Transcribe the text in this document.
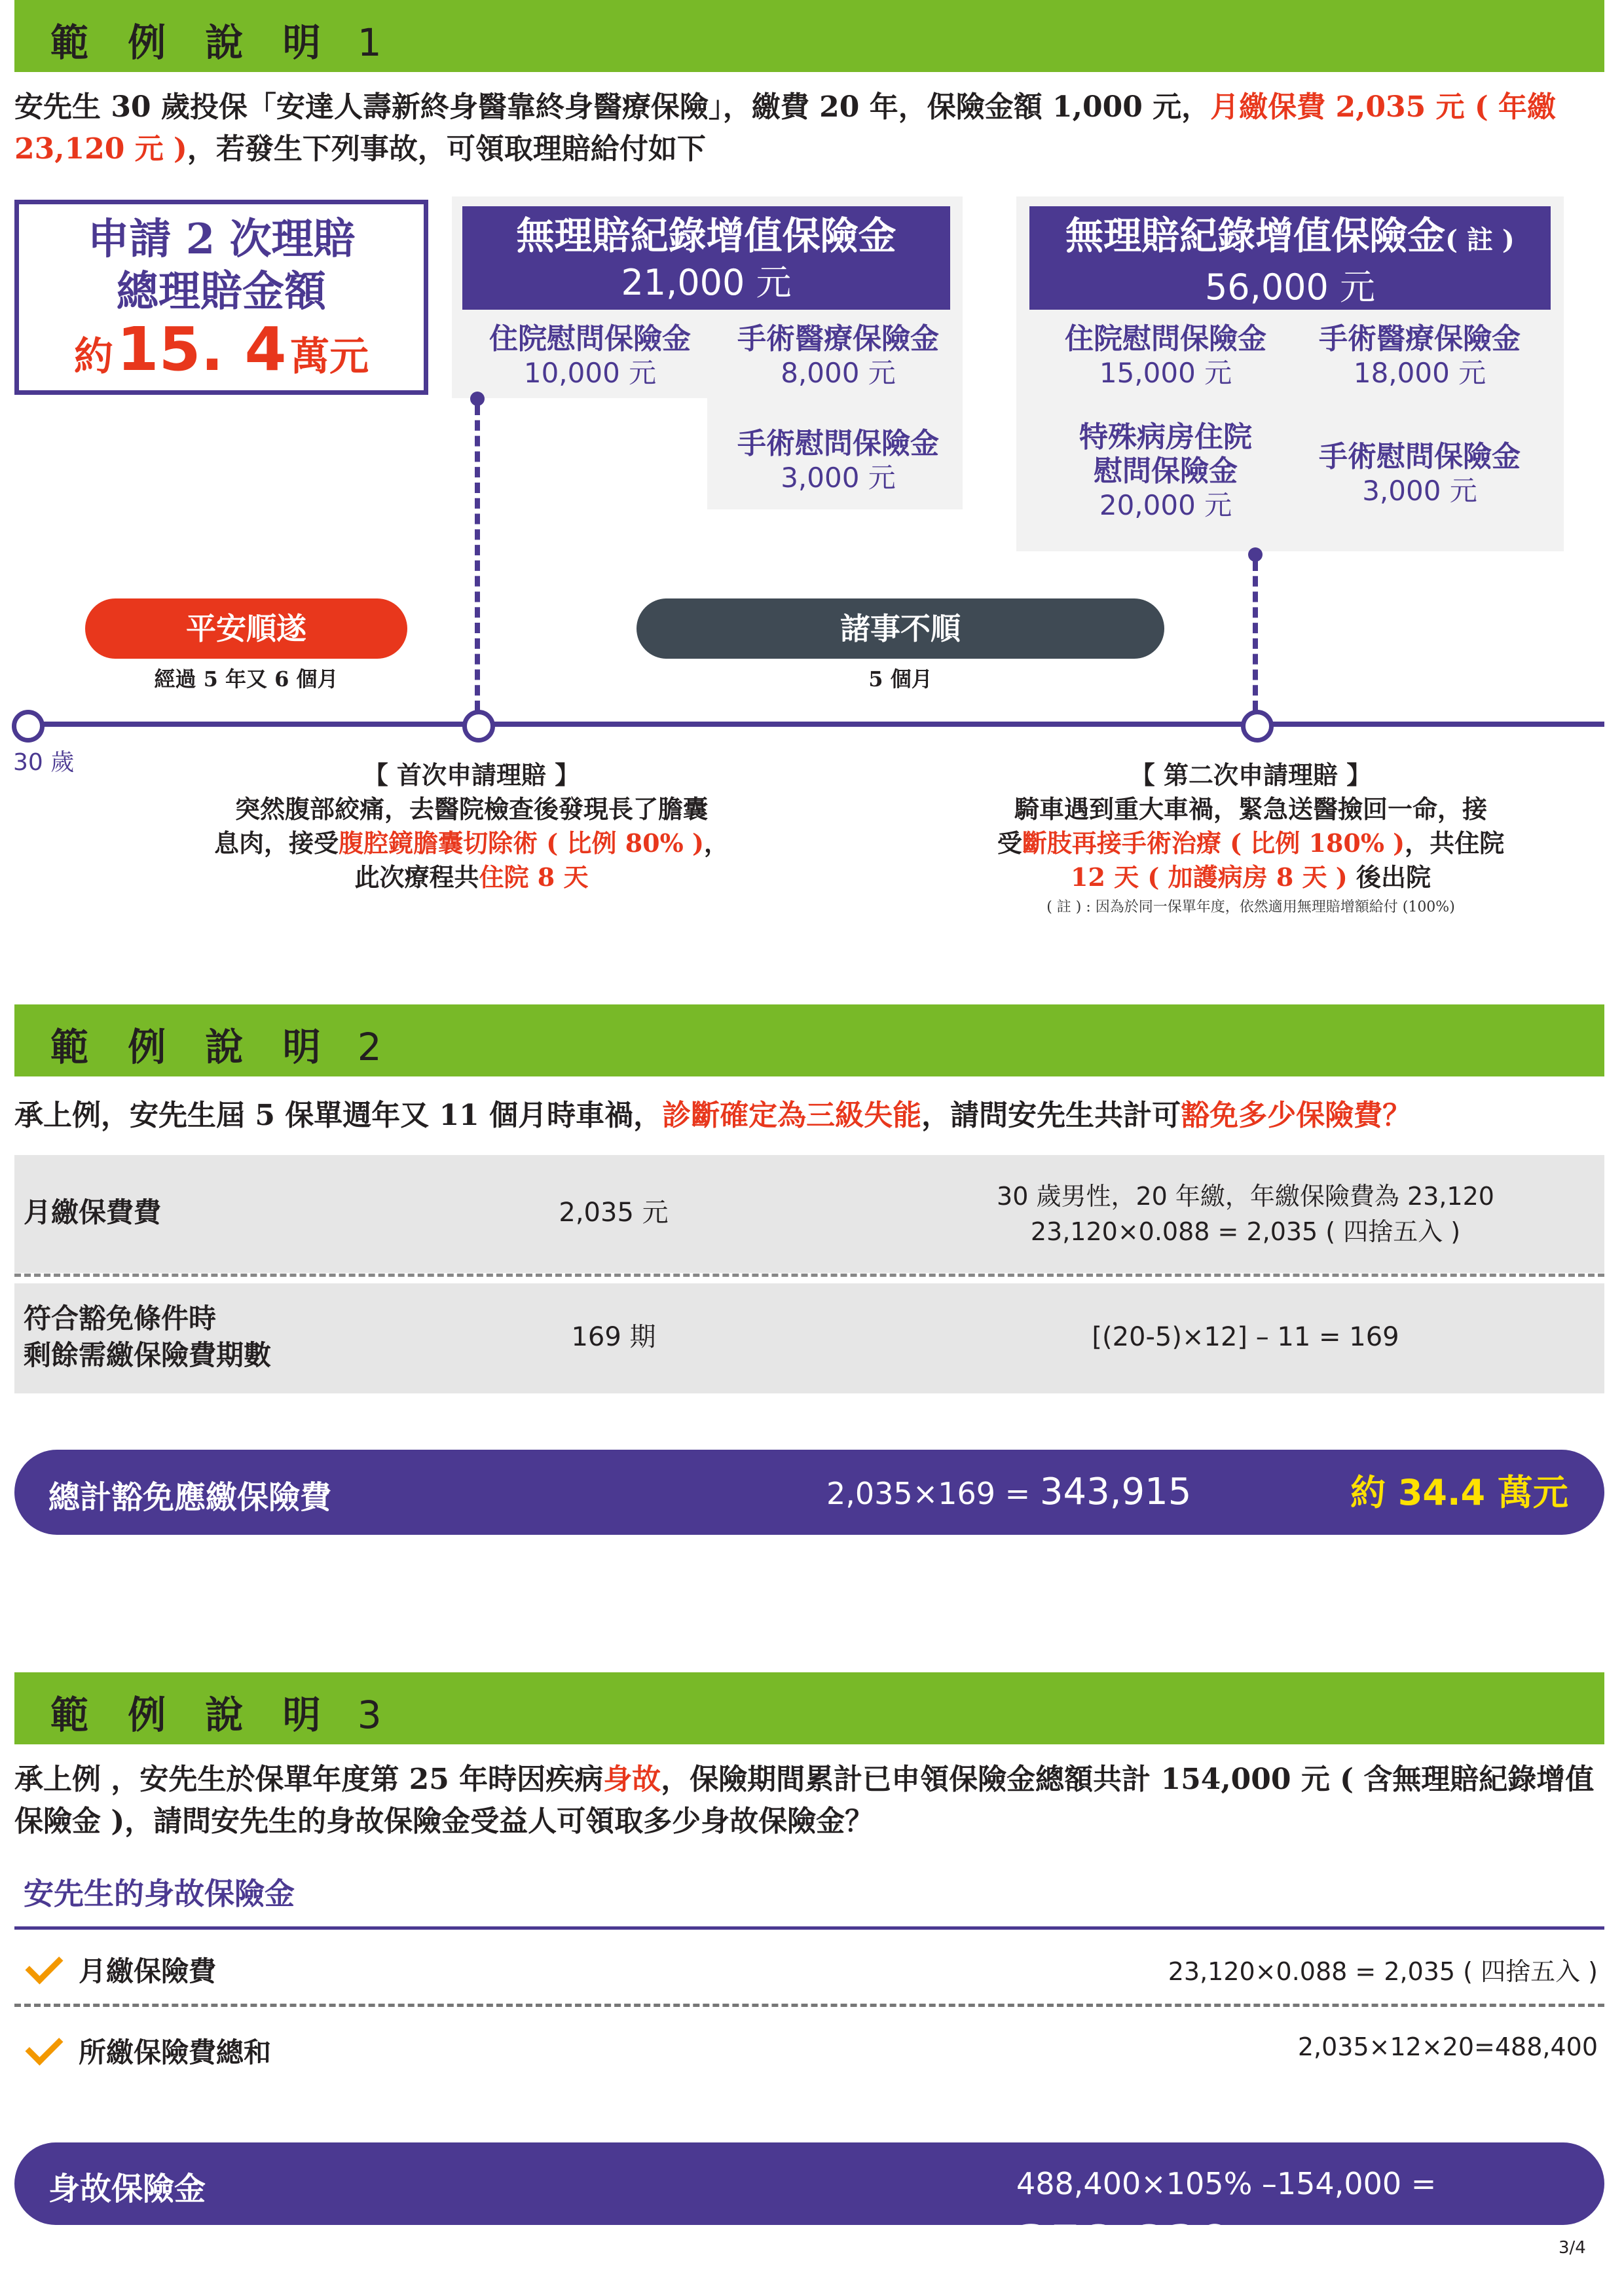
範 例 說 明 1
安先生 30 歲投保「安達人壽新終身醫靠終身醫療保險」，繳費 20 年，保險金額 1,000 元，月繳保費 2,035 元 ( 年繳 23,120 元 )，若發生下列事故，可領取理賠給付如下
申請 2 次理賠
總理賠金額
約 15. 4 萬元
無理賠紀錄增值保險金
21,000 元
住院慰問保險金
10,000 元
手術醫療保險金
8,000 元
手術慰問保險金
3,000 元
無理賠紀錄增值保險金( 註 )
56,000 元
住院慰問保險金
15,000 元
手術醫療保險金
18,000 元
特殊病房住院
慰問保險金
20,000 元
手術慰問保險金
3,000 元
平安順遂
經過 5 年又 6 個月
諸事不順
5 個月
30 歲	【 首次申請理賠 】
突然腹部絞痛，去醫院檢查後發現長了膽囊
息肉，接受腹腔鏡膽囊切除術 ( 比例 80% )，
此次療程共住院 8 天
【 第二次申請理賠 】
騎車遇到重大車禍，緊急送醫撿回一命，接
受斷肢再接手術治療 ( 比例 180% )，共住院
12 天 ( 加護病房 8 天 ) 後出院
( 註 ) : 因為於同一保單年度，依然適用無理賠增額給付 (100%)
範 例 說 明 2
承上例，安先生屆 5 保單週年又 11 個月時車禍，診斷確定為三級失能，請問安先生共計可豁免多少保險費？
月繳保費費	2,035 元
30 歲男性，20 年繳，年繳保險費為 23,120
23,120×0.088 = 2,035 ( 四捨五入 )
符合豁免條件時
剩餘需繳保險費期數
169 期	[(20-5)×12] – 11 = 169
總計豁免應繳保險費	2,035×169 = 343,915	約 34.4 萬元
範 例 說 明 3
承上例 ，安先生於保單年度第 25 年時因疾病身故，保險期間累計已申領保險金總額共計 154,000 元 ( 含無理賠紀錄增值保險金 )，請問安先生的身故保險金受益人可領取多少身故保險金？
安先生的身故保險金
月繳保險費	23,120×0.088 = 2,035 ( 四捨五入 )
所繳保險費總和	2,035×12×20=488,400
身故保險金	488,400×105% –154,000 = 358,820	3/4
